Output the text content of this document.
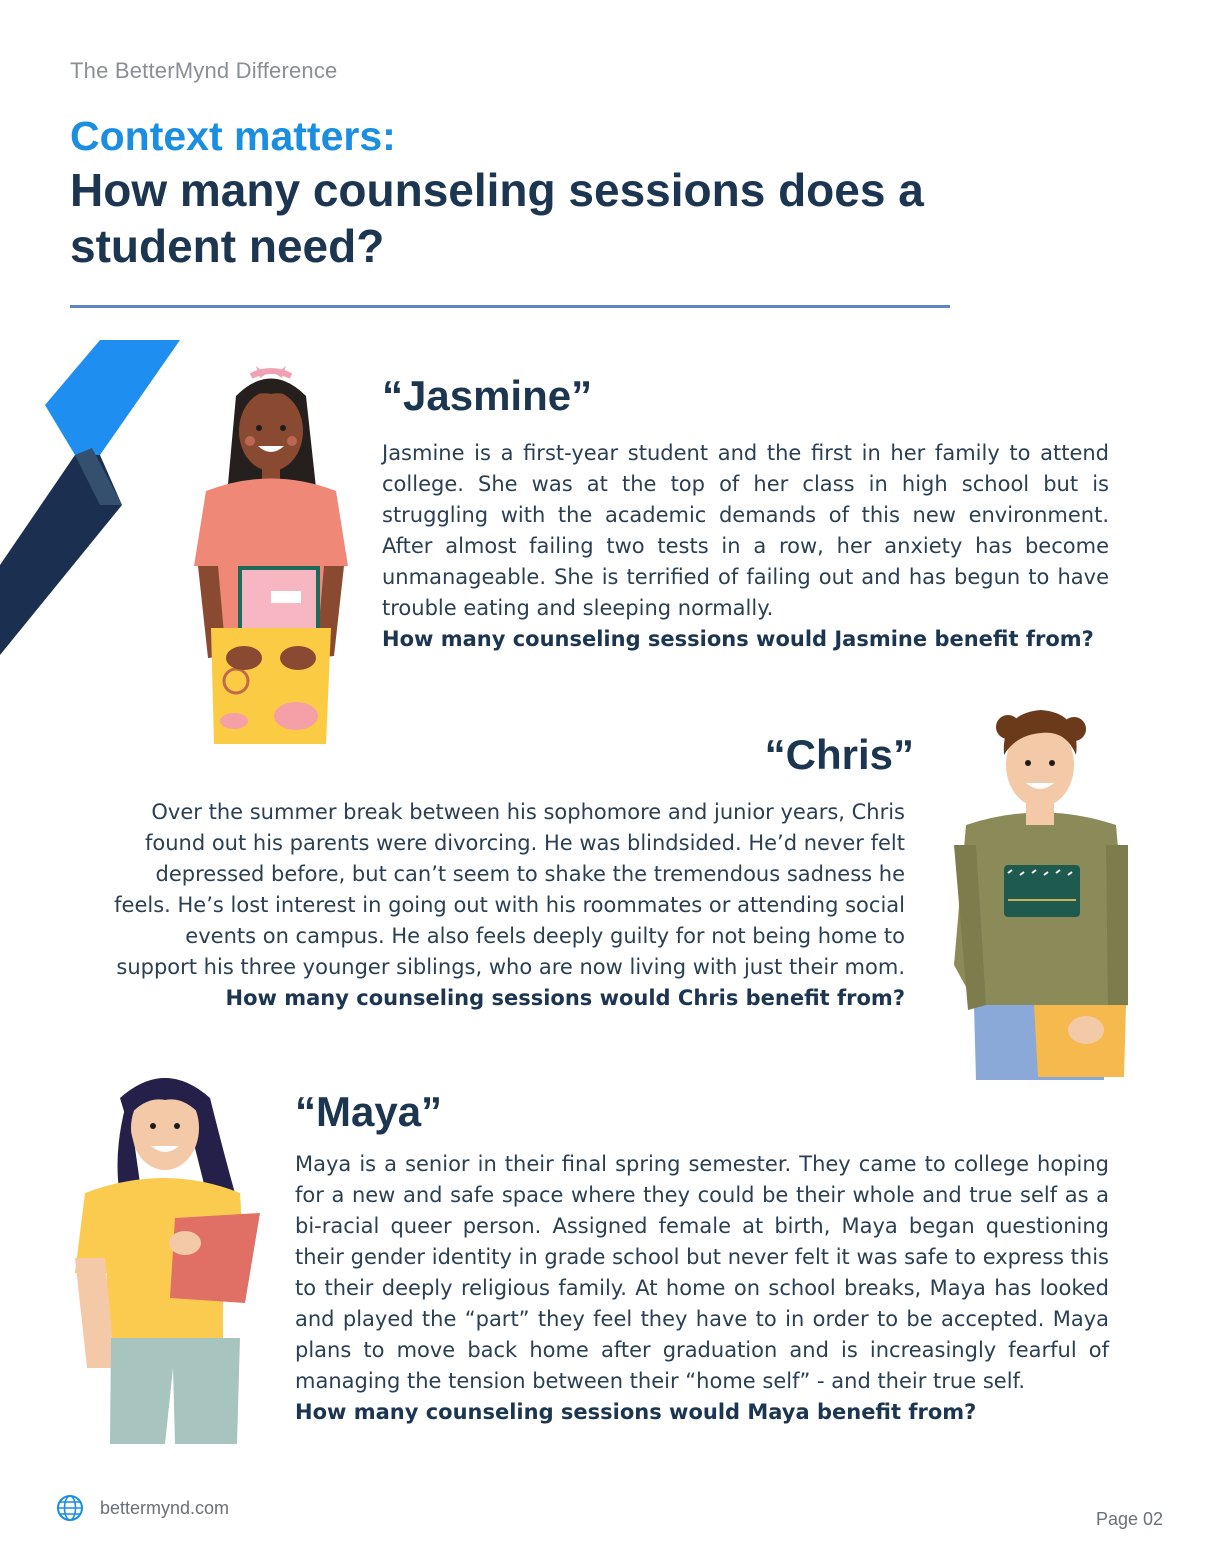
The BetterMynd Difference
Context matters:
How many counseling sessions does a student need?
“Jasmine”

Jasmine is a first-year student and the first in her family to attend college. She was at the top of her class in high school but is struggling with the academic demands of this new environment. After almost failing two tests in a row, her anxiety has become unmanageable. She is terrified of failing out and has begun to have trouble eating and sleeping normally.
How many counseling sessions would Jasmine benefit from?

“Chris”

Over the summer break between his sophomore and junior years, Chris found out his parents were divorcing. He was blindsided. He’d never felt depressed before, but can’t seem to shake the tremendous sadness he feels. He’s lost interest in going out with his roommates or attending social events on campus. He also feels deeply guilty for not being home to support his three younger siblings, who are now living with just their mom.
How many counseling sessions would Chris benefit from?

“Maya”

Maya is a senior in their final spring semester. They came to college hoping for a new and safe space where they could be their whole and true self as a bi-racial queer person. Assigned female at birth, Maya began questioning their gender identity in grade school but never felt it was safe to express this to their deeply religious family. At home on school breaks, Maya has looked and played the “part” they feel they have to in order to be accepted. Maya plans to move back home after graduation and is increasingly fearful of managing the tension between their “home self” - and their true self.
How many counseling sessions would Maya benefit from?

bettermynd.com
Page 02
